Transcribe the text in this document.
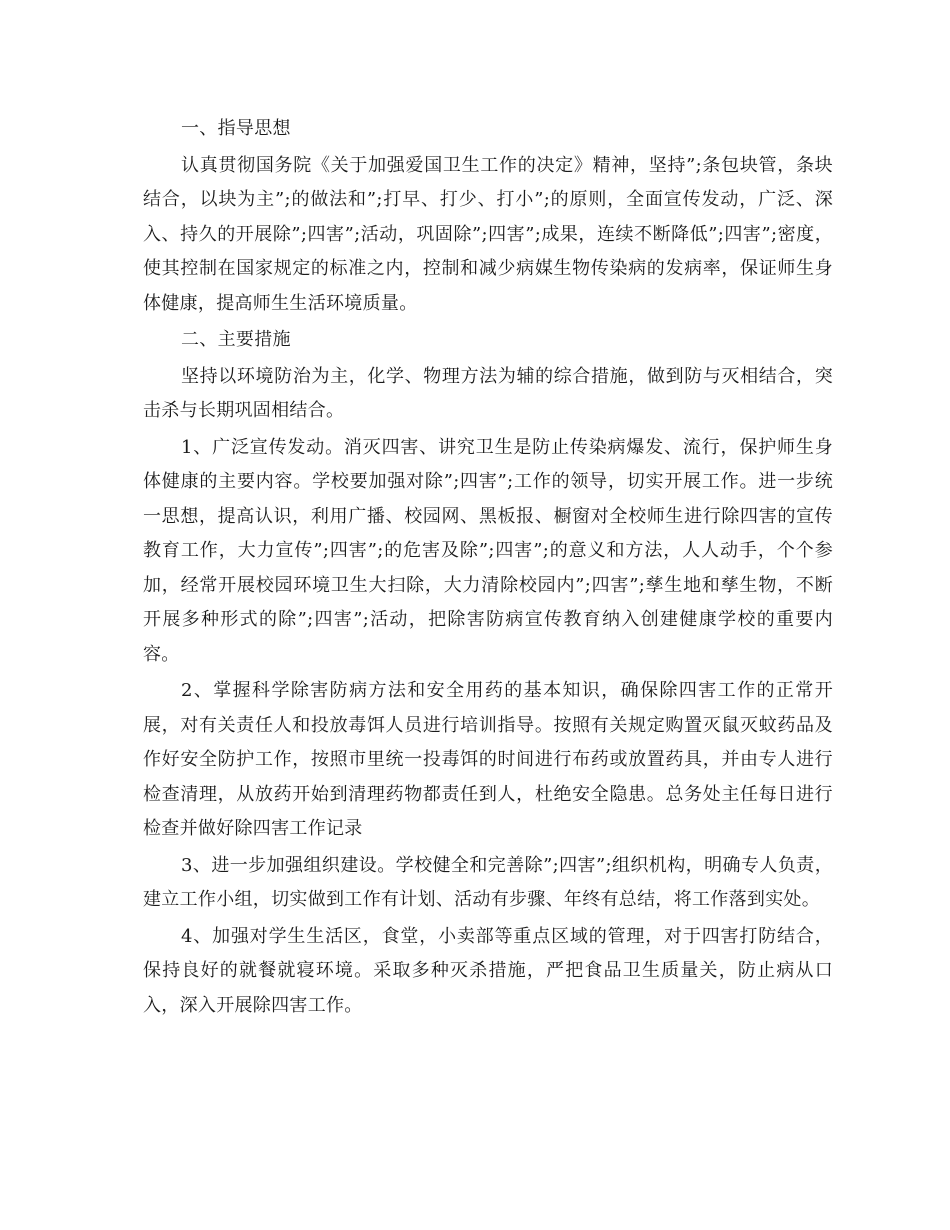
一、指导思想

认真贯彻国务院《关于加强爱国卫生工作的决定》精神，坚持”;条包块管，条块结合，以块为主”;的做法和”;打早、打少、打小”;的原则，全面宣传发动，广泛、深入、持久的开展除”;四害”;活动，巩固除”;四害”;成果，连续不断降低”;四害”;密度，使其控制在国家规定的标准之内，控制和减少病媒生物传染病的发病率，保证师生身体健康，提高师生生活环境质量。

二、主要措施

坚持以环境防治为主，化学、物理方法为辅的综合措施，做到防与灭相结合，突击杀与长期巩固相结合。

1、广泛宣传发动。消灭四害、讲究卫生是防止传染病爆发、流行，保护师生身体健康的主要内容。学校要加强对除”;四害”;工作的领导，切实开展工作。进一步统一思想，提高认识，利用广播、校园网、黑板报、橱窗对全校师生进行除四害的宣传教育工作，大力宣传”;四害”;的危害及除”;四害”;的意义和方法，人人动手，个个参加，经常开展校园环境卫生大扫除，大力清除校园内”;四害”;孳生地和孳生物，不断开展多种形式的除”;四害”;活动，把除害防病宣传教育纳入创建健康学校的重要内容。

2、掌握科学除害防病方法和安全用药的基本知识，确保除四害工作的正常开展，对有关责任人和投放毒饵人员进行培训指导。按照有关规定购置灭鼠灭蚊药品及作好安全防护工作，按照市里统一投毒饵的时间进行布药或放置药具，并由专人进行检查清理，从放药开始到清理药物都责任到人，杜绝安全隐患。总务处主任每日进行检查并做好除四害工作记录

3、进一步加强组织建设。学校健全和完善除”;四害”;组织机构，明确专人负责，建立工作小组，切实做到工作有计划、活动有步骤、年终有总结，将工作落到实处。

4、加强对学生生活区，食堂，小卖部等重点区域的管理，对于四害打防结合，保持良好的就餐就寝环境。采取多种灭杀措施，严把食品卫生质量关，防止病从口入，深入开展除四害工作。
